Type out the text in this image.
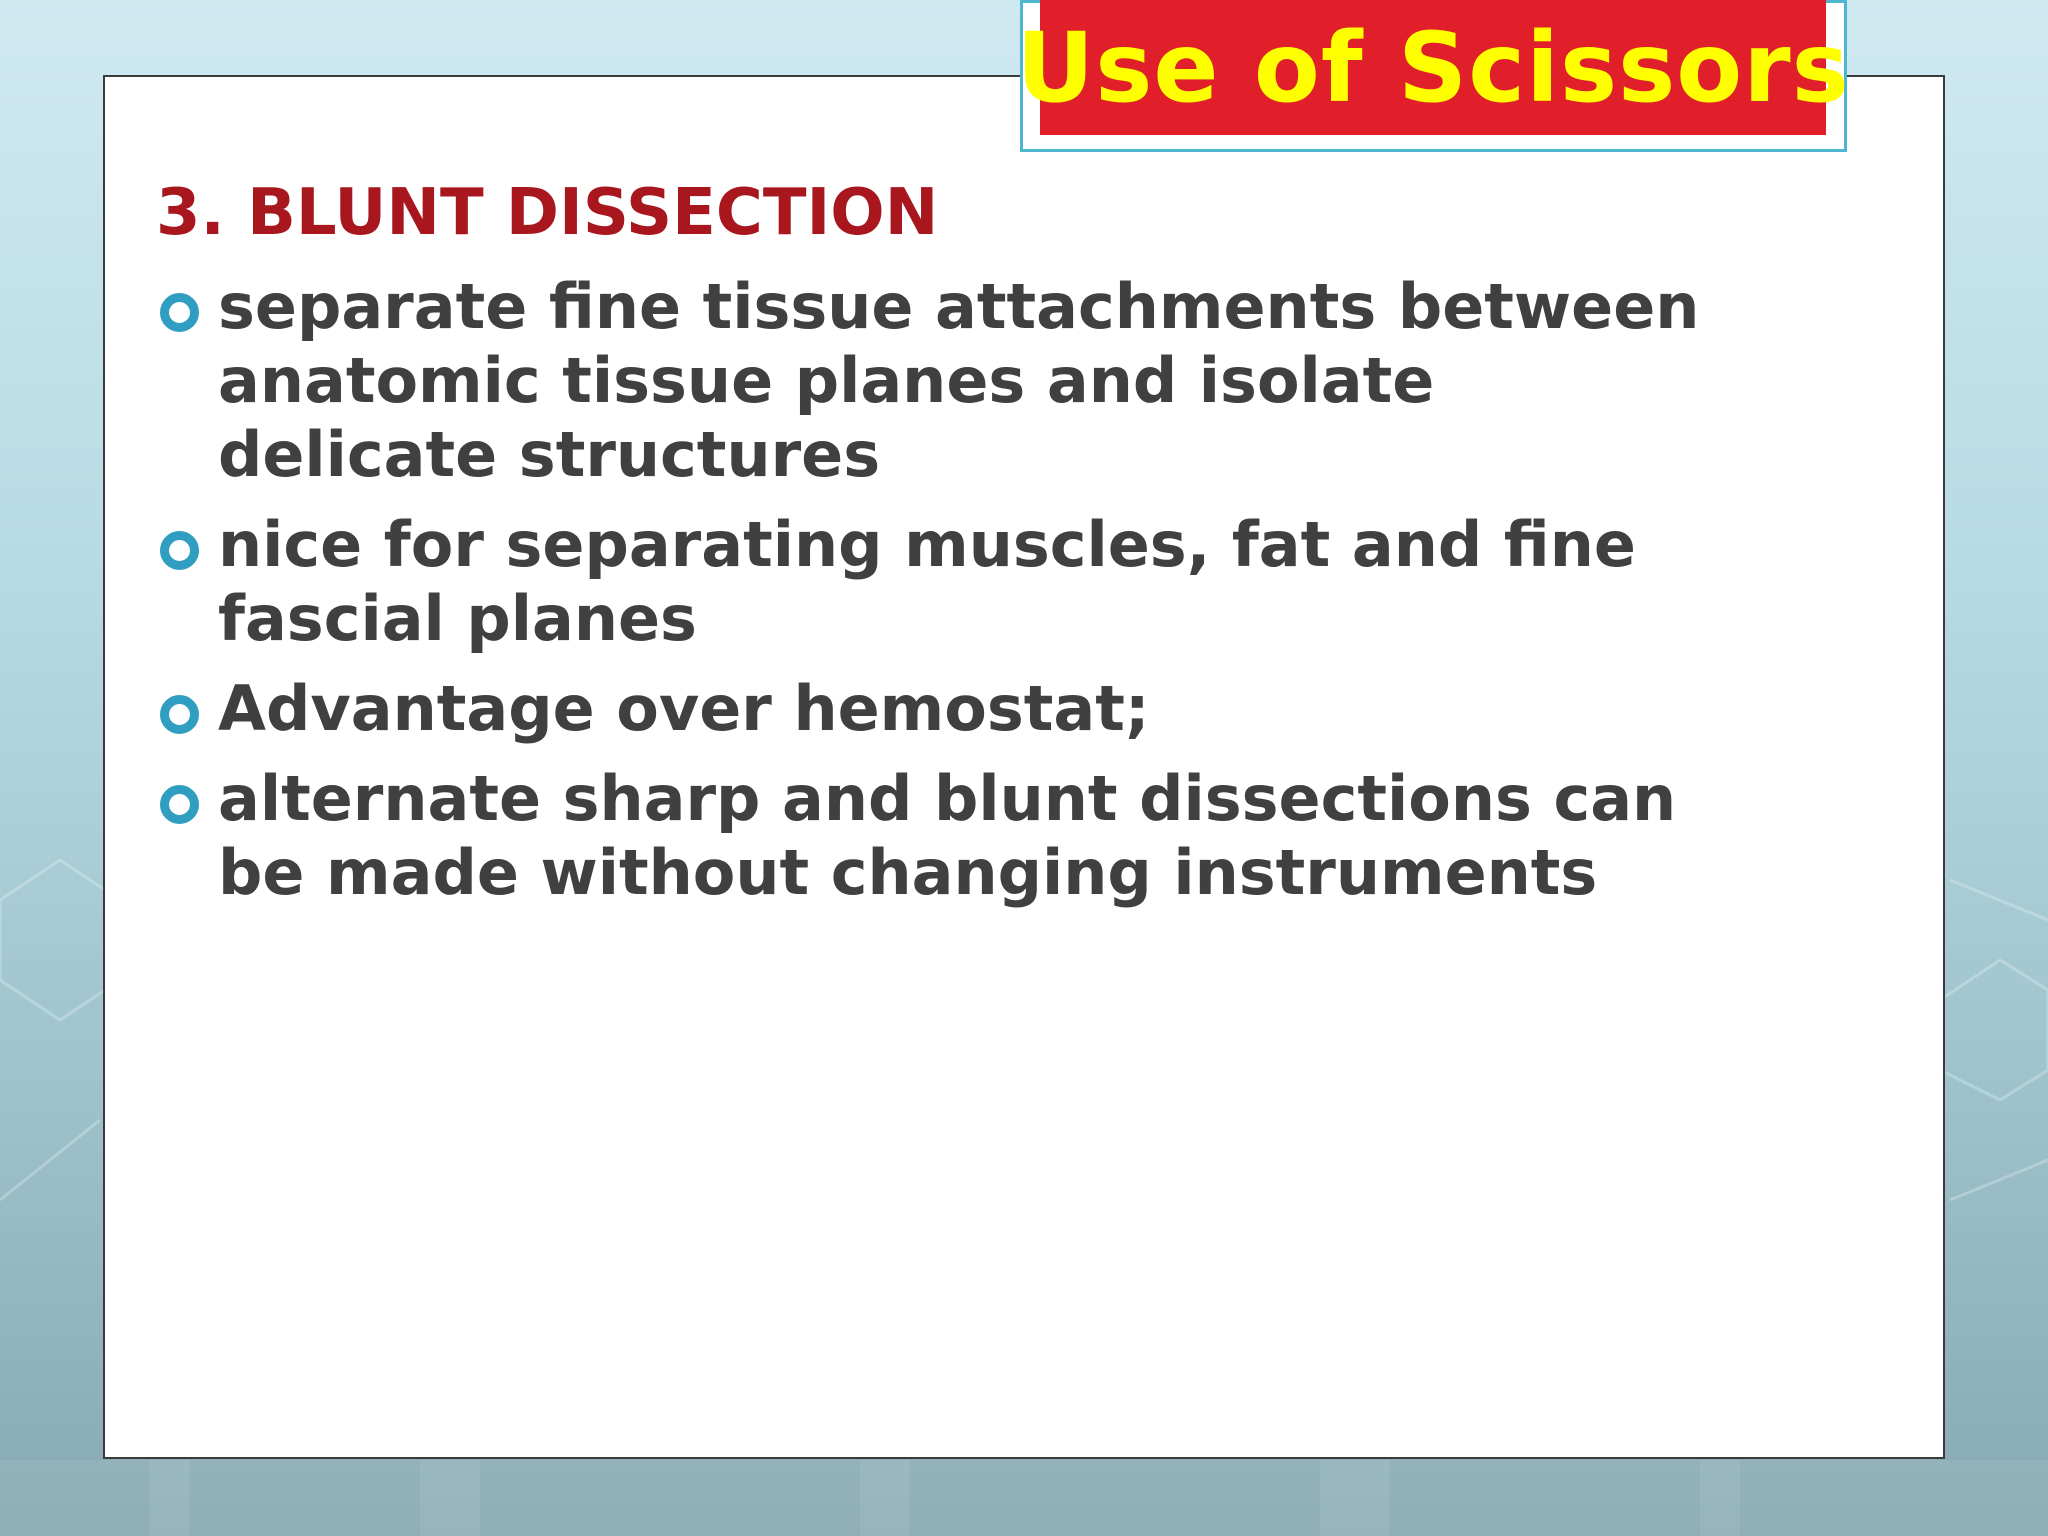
Use of Scissors
3. BLUNT DISSECTION
separate fine tissue attachments between
anatomic tissue planes and isolate
delicate structures
nice for separating muscles, fat and fine
fascial planes
Advantage over hemostat;
alternate sharp and blunt dissections can
be made without changing instruments
